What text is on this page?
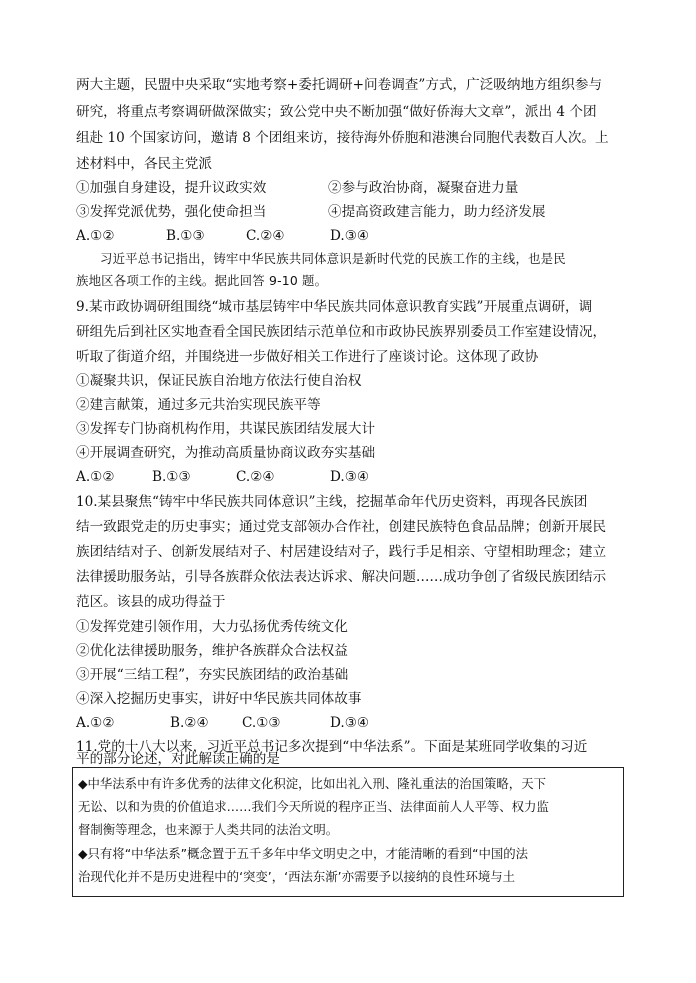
两大主题，民盟中央采取“实地考察+委托调研+问卷调查”方式，广泛吸纳地方组织参与
研究，将重点考察调研做深做实；致公党中央不断加强“做好侨海大文章”，派出 4 个团
组赴 10 个国家访问，邀请 8 个团组来访，接待海外侨胞和港澳台同胞代表数百人次。上
述材料中，各民主党派
①加强自身建设，提升议政实效	②参与政治协商，凝聚奋进力量
③发挥党派优势，强化使命担当	④提高资政建言能力，助力经济发展
A.①②	B.①③	C.②④	D.③④
习近平总书记指出，铸牢中华民族共同体意识是新时代党的民族工作的主线，也是民
族地区各项工作的主线。据此回答 9-10 题。
9.某市政协调研组围绕“城市基层铸牢中华民族共同体意识教育实践”开展重点调研，调
研组先后到社区实地查看全国民族团结示范单位和市政协民族界别委员工作室建设情况，
听取了街道介绍，并围绕进一步做好相关工作进行了座谈讨论。这体现了政协
①凝聚共识，保证民族自治地方依法行使自治权
②建言献策，通过多元共治实现民族平等
③发挥专门协商机构作用，共谋民族团结发展大计
④开展调查研究，为推动高质量协商议政夯实基础
A.①②	B.①③	C.②④	D.③④
10.某县聚焦“铸牢中华民族共同体意识”主线，挖掘革命年代历史资料，再现各民族团
结一致跟党走的历史事实；通过党支部领办合作社，创建民族特色食品品牌；创新开展民
族团结结对子、创新发展结对子、村居建设结对子，践行手足相亲、守望相助理念；建立
法律援助服务站，引导各族群众依法表达诉求、解决问题……成功争创了省级民族团结示
范区。该县的成功得益于
①发挥党建引领作用，大力弘扬优秀传统文化
②优化法律援助服务，维护各族群众合法权益
③开展“三结工程”，夯实民族团结的政治基础
④深入挖掘历史事实，讲好中华民族共同体故事
A.①②	B.②④	C.①③	D.③④
11.党的十八大以来，习近平总书记多次提到“中华法系”。下面是某班同学收集的习近
◆中华法系中有许多优秀的法律文化积淀，比如出礼入刑、隆礼重法的治国策略，天下
无讼、以和为贵的价值追求……我们今天所说的程序正当、法律面前人人平等、权力监
督制衡等理念，也来源于人类共同的法治文明。
◆只有将“中华法系”概念置于五千多年中华文明史之中，才能清晰的看到“中国的法
治现代化并不是历史进程中的‘突变’，‘西法东渐’亦需要予以接纳的良性环境与土
平的部分论述，对此解读正确的是
